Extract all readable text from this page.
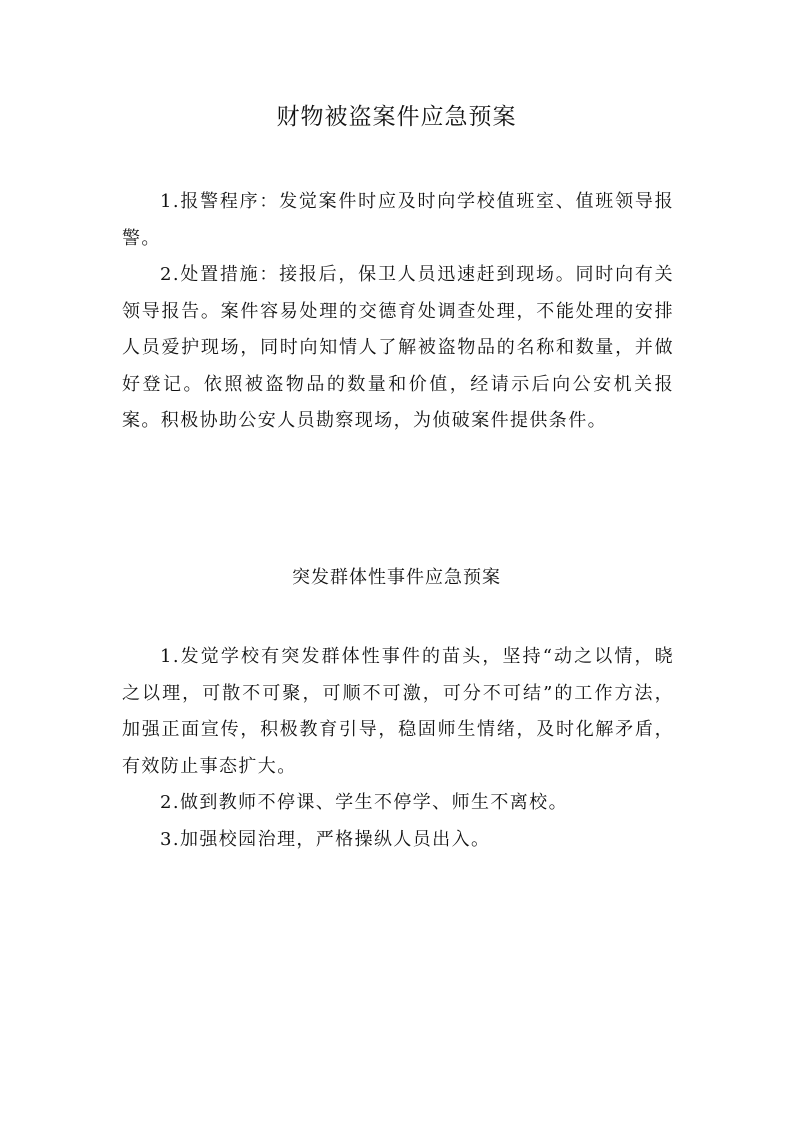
财物被盗案件应急预案

1.报警程序：发觉案件时应及时向学校值班室、值班领导报警。

2.处置措施：接报后，保卫人员迅速赶到现场。同时向有关领导报告。案件容易处理的交德育处调查处理，不能处理的安排人员爱护现场，同时向知情人了解被盗物品的名称和数量，并做好登记。依照被盗物品的数量和价值，经请示后向公安机关报案。积极协助公安人员勘察现场，为侦破案件提供条件。

突发群体性事件应急预案

1.发觉学校有突发群体性事件的苗头，坚持“动之以情，晓之以理，可散不可聚，可顺不可激，可分不可结”的工作方法，加强正面宣传，积极教育引导，稳固师生情绪，及时化解矛盾，有效防止事态扩大。

2.做到教师不停课、学生不停学、师生不离校。

3.加强校园治理，严格操纵人员出入。
